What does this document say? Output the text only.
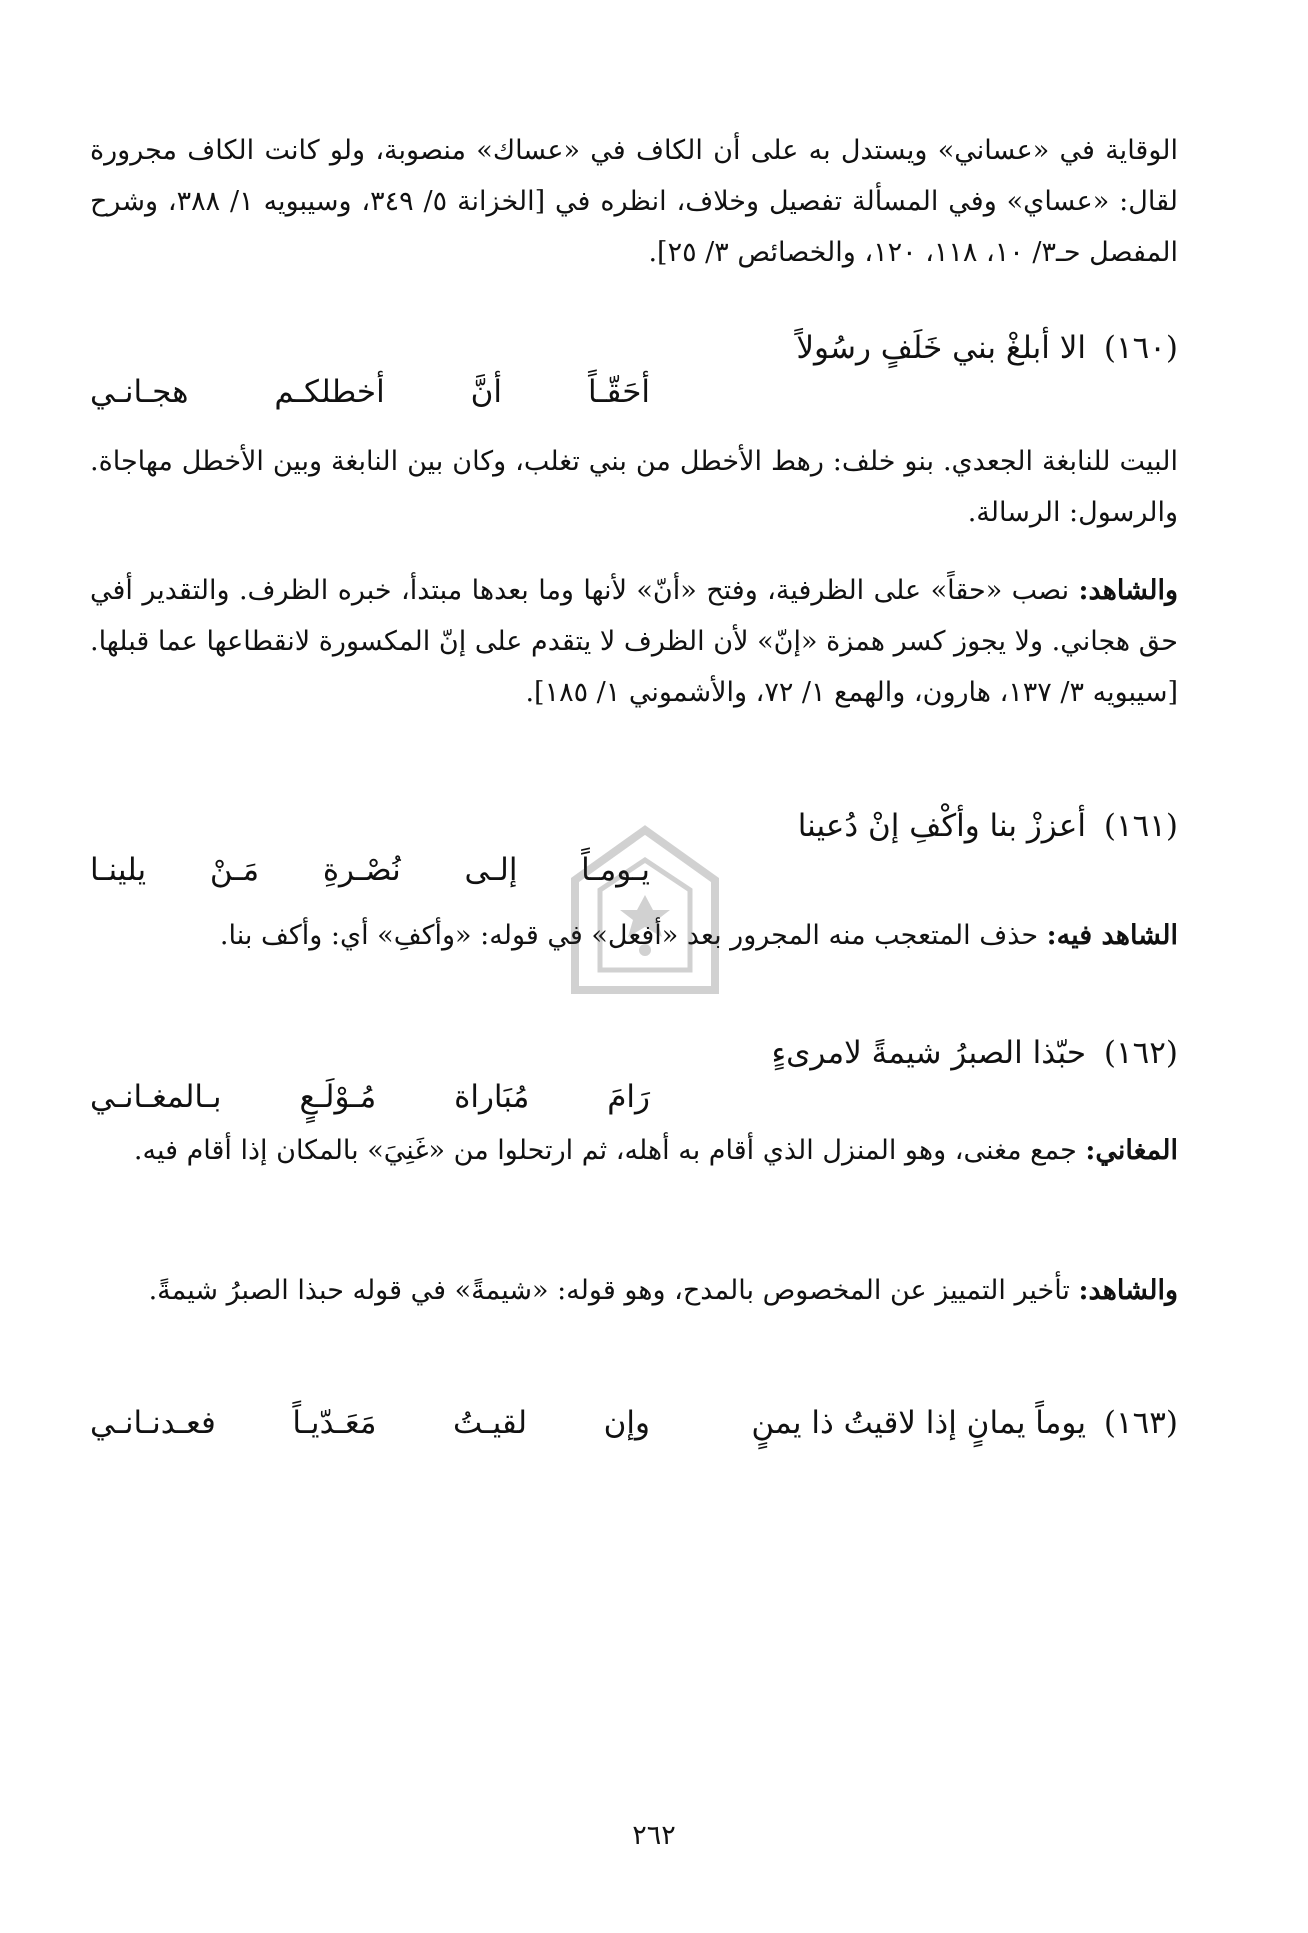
الوقاية في «عساني» ويستدل به على أن الكاف في «عساك» منصوبة، ولو كانت الكاف مجرورة لقال: «عساي» وفي المسألة تفصيل وخلاف، انظره في [الخزانة ٥/ ٣٤٩، وسيبويه ١/ ٣٨٨، وشرح المفصل حـ٣/ ١٠، ١١٨، ١٢٠، والخصائص ٣/ ٢٥].
(١٦٠)
الا أبلغْ بني خَلَفٍ رسُولاً
أحَقّـاً أنَّ أخطلكـم هجـانـي
البيت للنابغة الجعدي. بنو خلف: رهط الأخطل من بني تغلب، وكان بين النابغة وبين الأخطل مهاجاة. والرسول: الرسالة.
والشاهد: نصب «حقاً» على الظرفية، وفتح «أنّ» لأنها وما بعدها مبتدأ، خبره الظرف. والتقدير أفي حق هجاني. ولا يجوز كسر همزة «إنّ» لأن الظرف لا يتقدم على إنّ المكسورة لانقطاعها عما قبلها. [سيبويه ٣/ ١٣٧، هارون، والهمع ١/ ٧٢، والأشموني ١/ ١٨٥].
(١٦١)
أعززْ بنا وأكْفِ إنْ دُعينا
يـومـاً إلـى نُصْـرةِ مَـنْ يلينـا
الشاهد فيه: حذف المتعجب منه المجرور بعد «أفعل» في قوله: «وأكفِ» أي: وأكف بنا.
(١٦٢)
حبّذا الصبرُ شيمةً لامرىءٍ
رَامَ مُبَاراة مُـوْلَـعٍ بـالمغـانـي
المغاني: جمع مغنى، وهو المنزل الذي أقام به أهله، ثم ارتحلوا من «غَنِيَ» بالمكان إذا أقام فيه.
والشاهد: تأخير التمييز عن المخصوص بالمدح، وهو قوله: «شيمةً» في قوله حبذا الصبرُ شيمةً.
(١٦٣)
يوماً يمانٍ إذا لاقيتُ ذا يمنٍ
وإن لقيـتُ مَعَـدّيـاً فعـدنـانـي
٢٦٢
